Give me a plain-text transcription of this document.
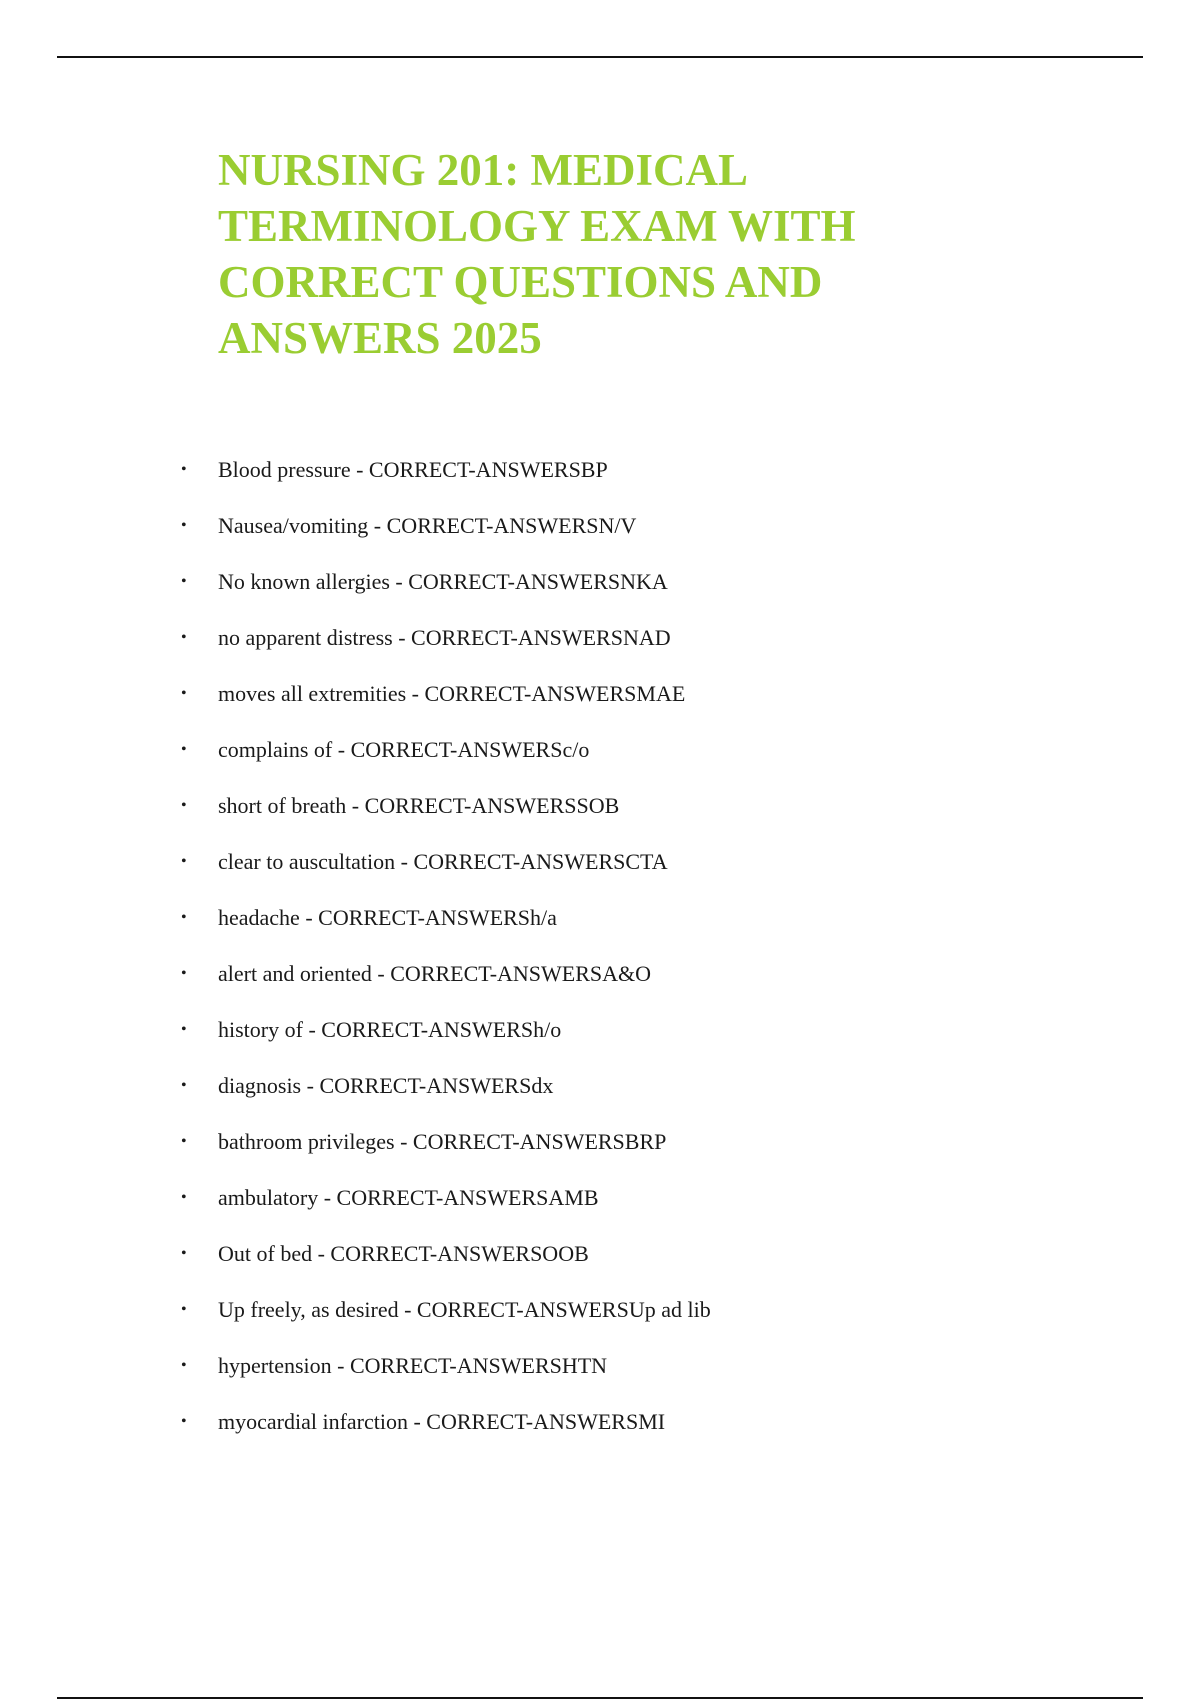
NURSING 201: MEDICAL TERMINOLOGY EXAM WITH CORRECT QUESTIONS AND ANSWERS 2025
• Blood pressure - CORRECT-ANSWERSBP
• Nausea/vomiting - CORRECT-ANSWERSN/V
• No known allergies - CORRECT-ANSWERSNKA
• no apparent distress - CORRECT-ANSWERSNAD
• moves all extremities - CORRECT-ANSWERSMAE
• complains of - CORRECT-ANSWERSc/o
• short of breath - CORRECT-ANSWERSSOB
• clear to auscultation - CORRECT-ANSWERSCTA
• headache - CORRECT-ANSWERSh/a
• alert and oriented - CORRECT-ANSWERSA&O
• history of - CORRECT-ANSWERSh/o
• diagnosis - CORRECT-ANSWERSdx
• bathroom privileges - CORRECT-ANSWERSBRP
• ambulatory - CORRECT-ANSWERSAMB
• Out of bed - CORRECT-ANSWERSOOB
• Up freely, as desired - CORRECT-ANSWERSUp ad lib
• hypertension - CORRECT-ANSWERSHTN
• myocardial infarction - CORRECT-ANSWERSMI
